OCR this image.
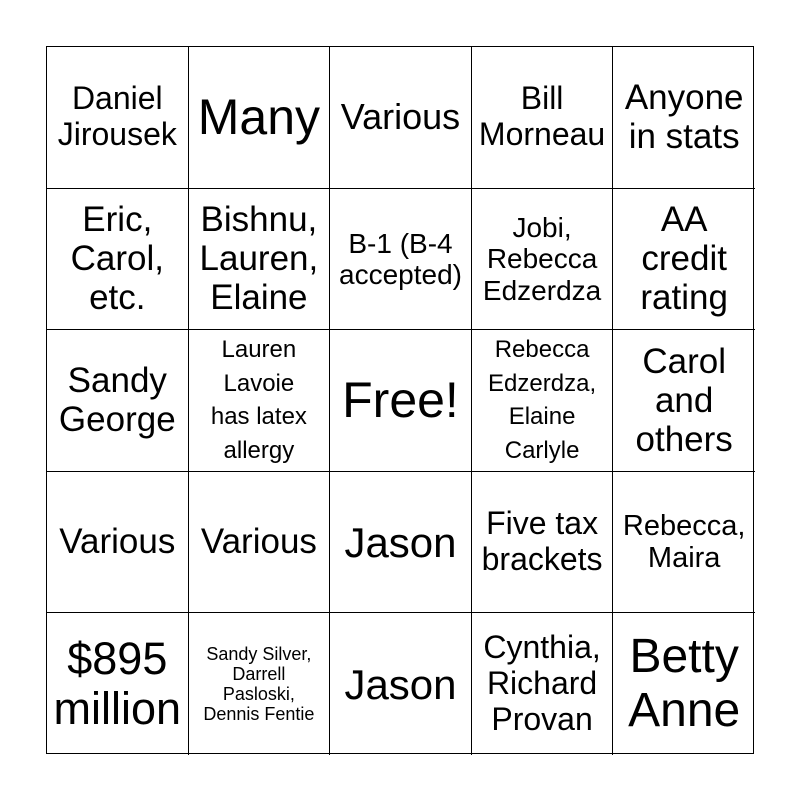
Daniel
Jirousek Many Various	Bill
Morneau
Anyone
in stats
Eric,
Carol,
etc.
Bishnu,
Lauren,
Elaine
B-1 (B-4
accepted)
Jobi,
Rebecca
Edzerdza
AA
credit
rating
Sandy
George
Lauren
Lavoie
has latex
allergy
Free!
Rebecca
Edzerdza,
Elaine
Carlyle
Carol
and
others
Various Various Jason Five tax
brackets
Rebecca,
Maira
$895
million
Sandy Silver,
Darrell
Pasloski,
Dennis Fentie
Jason
Cynthia,
Richard
Provan
Betty
Anne
